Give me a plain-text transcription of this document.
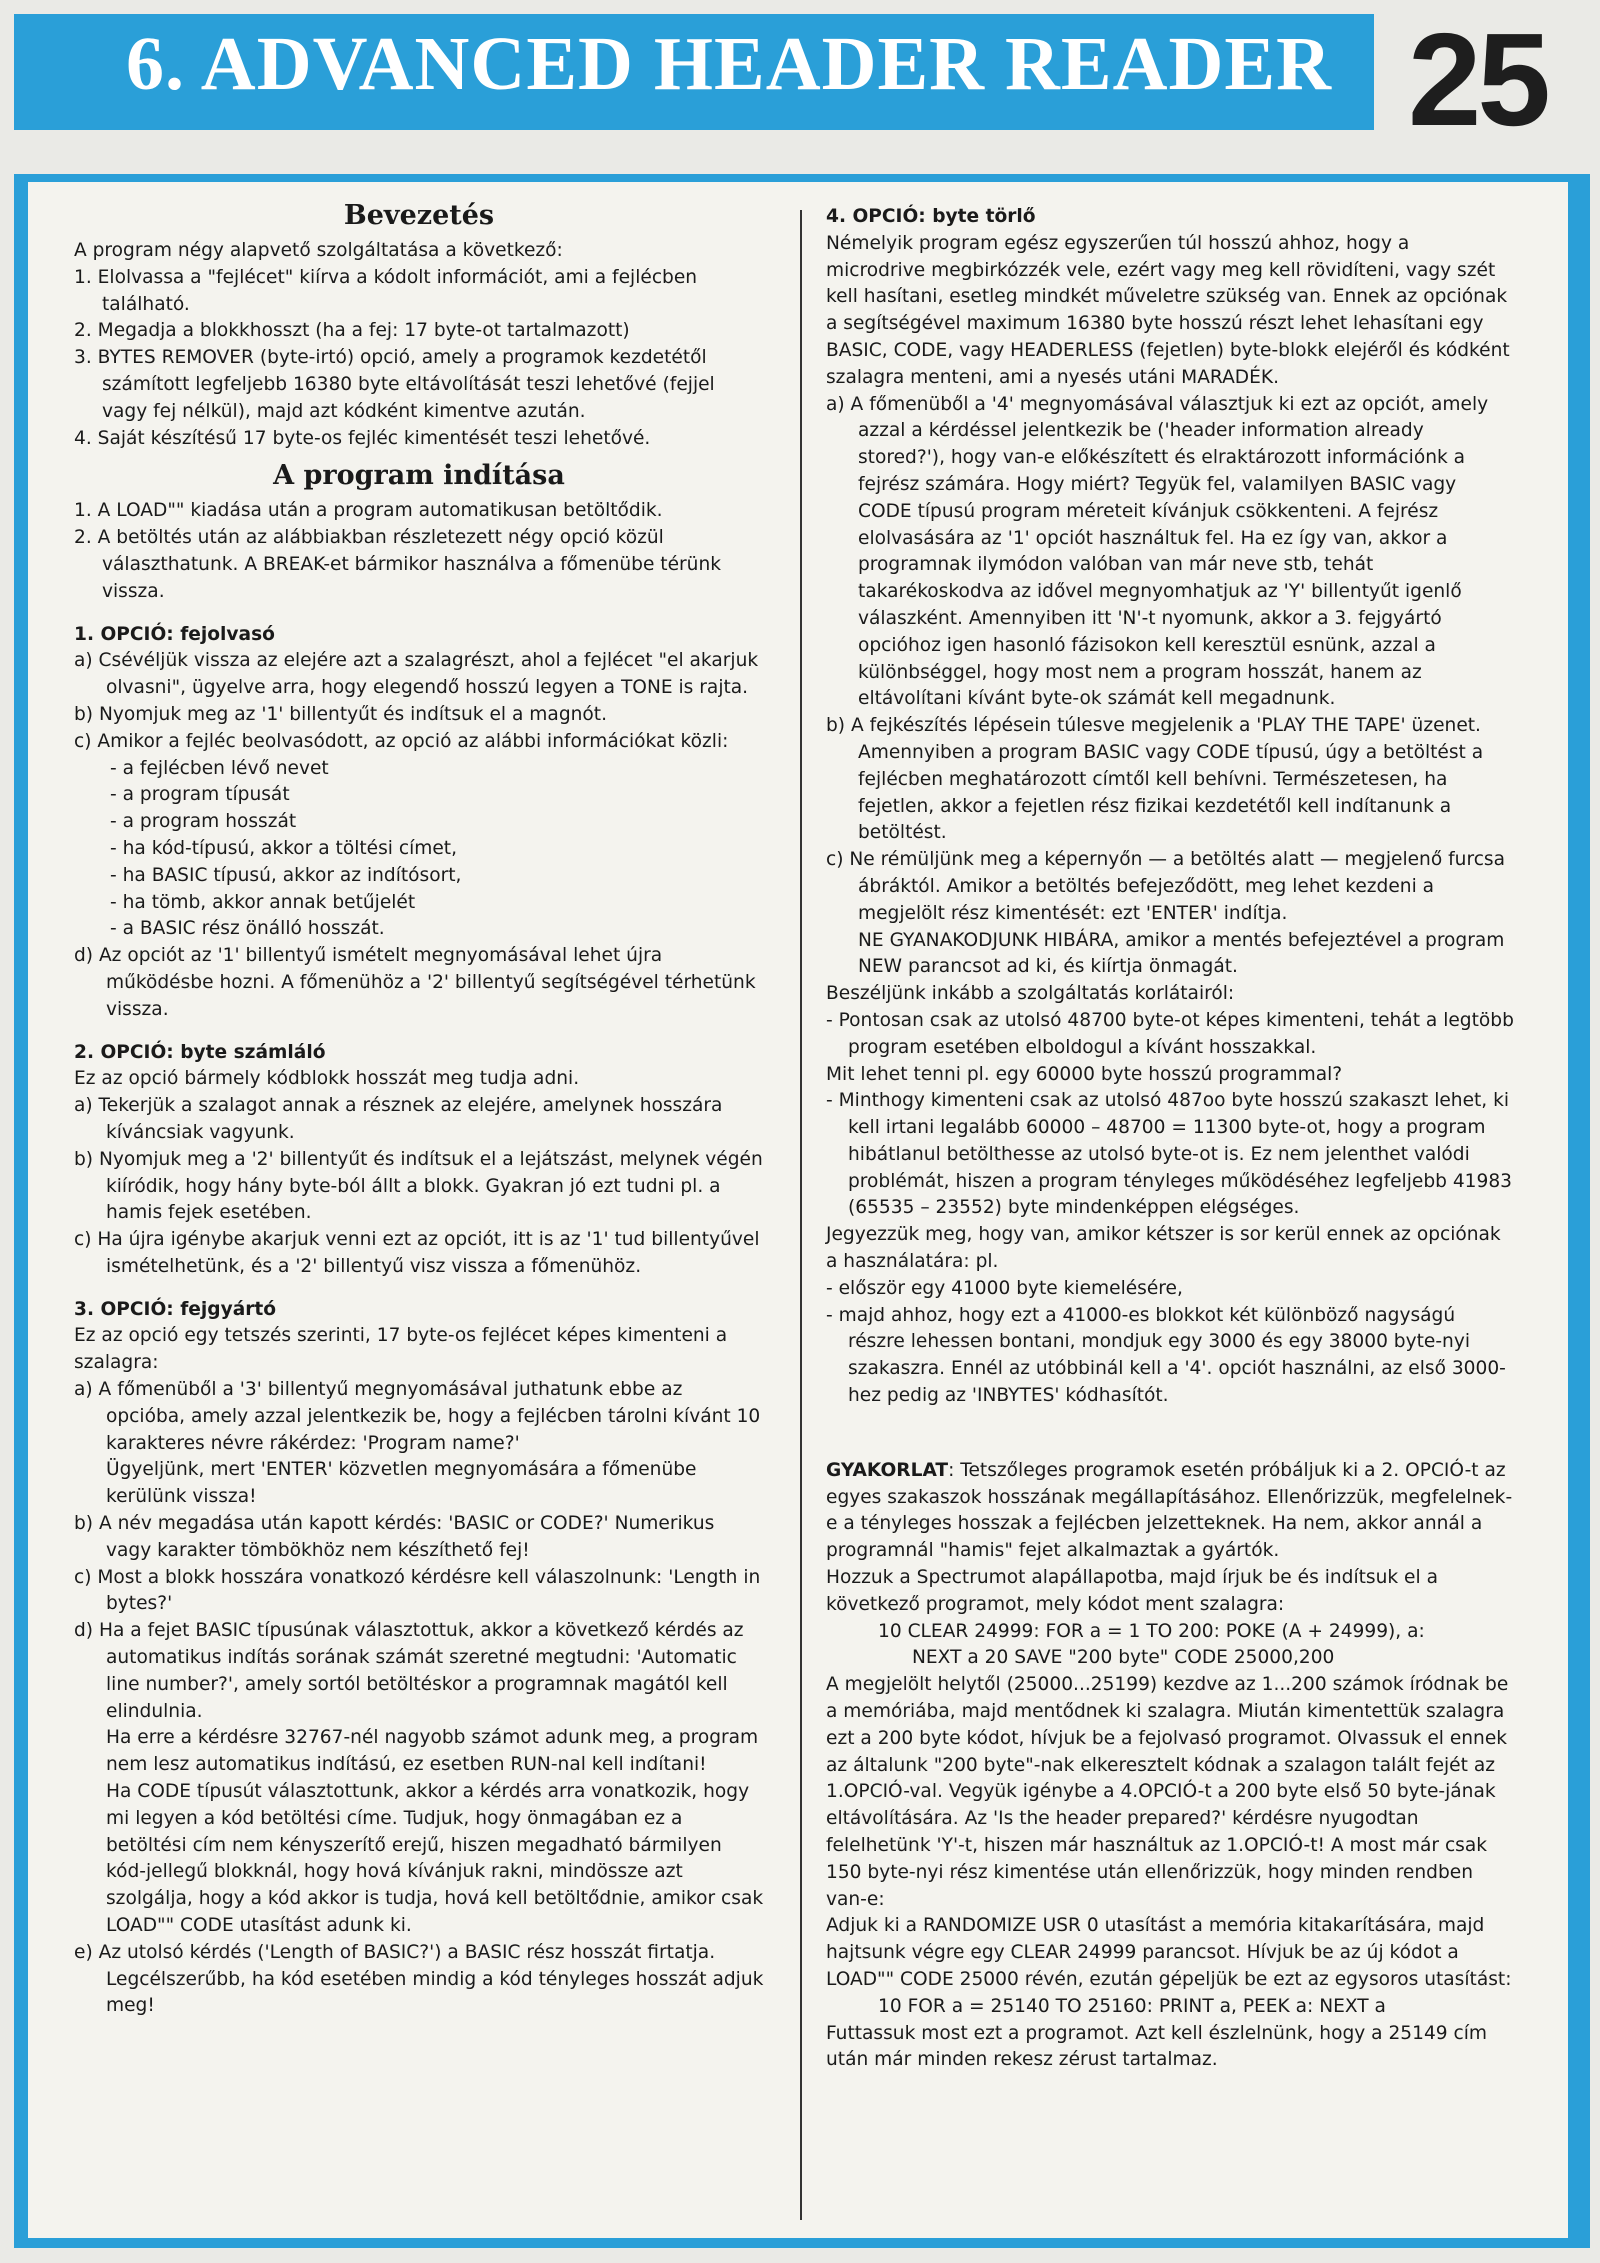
6. ADVANCED HEADER READER 25
Bevezetés

A program négy alapvető szolgáltatása a következő:

1. Elolvassa a "fejlécet" kiírva a kódolt információt, ami a fejlécben található.

2. Megadja a blokkhosszt (ha a fej: 17 byte-ot tartalmazott)

3. BYTES REMOVER (byte-irtó) opció, amely a programok kezdetétől számított legfeljebb 16380 byte eltávolítását teszi lehetővé (fejjel vagy fej nélkül), majd azt kódként kimentve azután.

4. Saját készítésű 17 byte-os fejléc kimentését teszi lehetővé.

A program indítása

1. A LOAD"" kiadása után a program automatikusan betöltődik.

2. A betöltés után az alábbiakban részletezett négy opció közül választhatunk. A BREAK-et bármikor használva a főmenübe térünk vissza.

1. OPCIÓ: fejolvasó

a) Csévéljük vissza az elejére azt a szalagrészt, ahol a fejlécet "el akarjuk olvasni", ügyelve arra, hogy elegendő hosszú legyen a TONE is rajta.

b) Nyomjuk meg az '1' billentyűt és indítsuk el a magnót.

c) Amikor a fejléc beolvasódott, az opció az alábbi információkat közli:

- a fejlécben lévő nevet

- a program típusát

- a program hosszát

- ha kód-típusú, akkor a töltési címet,

- ha BASIC típusú, akkor az indítósort,

- ha tömb, akkor annak betűjelét

- a BASIC rész önálló hosszát.

d) Az opciót az '1' billentyű ismételt megnyomásával lehet újra működésbe hozni. A főmenühöz a '2' billentyű segítségével térhetünk vissza.

2. OPCIÓ: byte számláló

Ez az opció bármely kódblokk hosszát meg tudja adni.

a) Tekerjük a szalagot annak a résznek az elejére, amelynek hosszára kíváncsiak vagyunk.

b) Nyomjuk meg a '2' billentyűt és indítsuk el a lejátszást, melynek végén kiíródik, hogy hány byte-ból állt a blokk. Gyakran jó ezt tudni pl. a hamis fejek esetében.

c) Ha újra igénybe akarjuk venni ezt az opciót, itt is az '1' tud billentyűvel ismételhetünk, és a '2' billentyű visz vissza a főmenühöz.

3. OPCIÓ: fejgyártó

Ez az opció egy tetszés szerinti, 17 byte-os fejlécet képes kimenteni a szalagra:

a) A főmenüből a '3' billentyű megnyomásával juthatunk ebbe az opcióba, amely azzal jelentkezik be, hogy a fejlécben tárolni kívánt 10 karakteres névre rákérdez: 'Program name?'

Ügyeljünk, mert 'ENTER' közvetlen megnyomására a főmenübe kerülünk vissza!

b) A név megadása után kapott kérdés: 'BASIC or CODE?' Numerikus vagy karakter tömbökhöz nem készíthető fej!

c) Most a blokk hosszára vonatkozó kérdésre kell válaszolnunk: 'Length in bytes?'

d) Ha a fejet BASIC típusúnak választottuk, akkor a következő kérdés az automatikus indítás sorának számát szeretné megtudni: 'Automatic line number?', amely sortól betöltéskor a programnak magától kell elindulnia.

Ha erre a kérdésre 32767-nél nagyobb számot adunk meg, a program nem lesz automatikus indítású, ez esetben RUN-nal kell indítani!

Ha CODE típusút választottunk, akkor a kérdés arra vonatkozik, hogy mi legyen a kód betöltési címe. Tudjuk, hogy önmagában ez a betöltési cím nem kényszerítő erejű, hiszen megadható bármilyen kód-jellegű blokknál, hogy hová kívánjuk rakni, mindössze azt szolgálja, hogy a kód akkor is tudja, hová kell betöltődnie, amikor csak LOAD"" CODE utasítást adunk ki.

e) Az utolsó kérdés ('Length of BASIC?') a BASIC rész hosszát firtatja. Legcélszerűbb, ha kód esetében mindig a kód tényleges hosszát adjuk meg!

4. OPCIÓ: byte törlő

Némelyik program egész egyszerűen túl hosszú ahhoz, hogy a microdrive megbirkózzék vele, ezért vagy meg kell rövidíteni, vagy szét kell hasítani, esetleg mindkét műveletre szükség van. Ennek az opciónak a segítségével maximum 16380 byte hosszú részt lehet lehasítani egy BASIC, CODE, vagy HEADERLESS (fejetlen) byte-blokk elejéről és kódként szalagra menteni, ami a nyesés utáni MARADÉK.

a) A főmenüből a '4' megnyomásával választjuk ki ezt az opciót, amely azzal a kérdéssel jelentkezik be ('header information already stored?'), hogy van-e előkészített és elraktározott információnk a fejrész számára. Hogy miért? Tegyük fel, valamilyen BASIC vagy CODE típusú program méreteit kívánjuk csökkenteni. A fejrész elolvasására az '1' opciót használtuk fel. Ha ez így van, akkor a programnak ilymódon valóban van már neve stb, tehát takarékoskodva az idővel megnyomhatjuk az 'Y' billentyűt igenlő válaszként. Amennyiben itt 'N'-t nyomunk, akkor a 3. fejgyártó opcióhoz igen hasonló fázisokon kell keresztül esnünk, azzal a különbséggel, hogy most nem a program hosszát, hanem az eltávolítani kívánt byte-ok számát kell megadnunk.

b) A fejkészítés lépésein túlesve megjelenik a 'PLAY THE TAPE' üzenet. Amennyiben a program BASIC vagy CODE típusú, úgy a betöltést a fejlécben meghatározott címtől kell behívni. Természetesen, ha fejetlen, akkor a fejetlen rész fizikai kezdetétől kell indítanunk a betöltést.

c) Ne rémüljünk meg a képernyőn — a betöltés alatt — megjelenő furcsa ábráktól. Amikor a betöltés befejeződött, meg lehet kezdeni a megjelölt rész kimentését: ezt 'ENTER' indítja.

NE GYANAKODJUNK HIBÁRA, amikor a mentés befejeztével a program NEW parancsot ad ki, és kiírtja önmagát.

Beszéljünk inkább a szolgáltatás korlátairól:

- Pontosan csak az utolsó 48700 byte-ot képes kimenteni, tehát a legtöbb program esetében elboldogul a kívánt hosszakkal.

Mit lehet tenni pl. egy 60000 byte hosszú programmal?

- Minthogy kimenteni csak az utolsó 487oo byte hosszú szakaszt lehet, ki kell irtani legalább 60000 – 48700 = 11300 byte-ot, hogy a program hibátlanul betölthesse az utolsó byte-ot is. Ez nem jelenthet valódi problémát, hiszen a program tényleges működéséhez legfeljebb 41983 (65535 – 23552) byte mindenképpen elégséges.

Jegyezzük meg, hogy van, amikor kétszer is sor kerül ennek az opciónak a használatára: pl.

- először egy 41000 byte kiemelésére,

- majd ahhoz, hogy ezt a 41000-es blokkot két különböző nagyságú részre lehessen bontani, mondjuk egy 3000 és egy 38000 byte-nyi szakaszra. Ennél az utóbbinál kell a '4'. opciót használni, az első 3000-hez pedig az 'INBYTES' kódhasítót.

GYAKORLAT: Tetszőleges programok esetén próbáljuk ki a 2. OPCIÓ-t az egyes szakaszok hosszának megállapításához. Ellenőrizzük, megfelelnek-e a tényleges hosszak a fejlécben jelzetteknek. Ha nem, akkor annál a programnál "hamis" fejet alkalmaztak a gyártók.

Hozzuk a Spectrumot alapállapotba, majd írjuk be és indítsuk el a következő programot, mely kódot ment szalagra:

10 CLEAR 24999: FOR a = 1 TO 200: POKE (A + 24999), a:

NEXT a 20 SAVE "200 byte" CODE 25000,200

A megjelölt helytől (25000...25199) kezdve az 1...200 számok íródnak be a memóriába, majd mentődnek ki szalagra. Miután kimentettük szalagra ezt a 200 byte kódot, hívjuk be a fejolvasó programot. Olvassuk el ennek az általunk "200 byte"-nak elkeresztelt kódnak a szalagon talált fejét az 1.OPCIÓ-val. Vegyük igénybe a 4.OPCIÓ-t a 200 byte első 50 byte-jának eltávolítására. Az 'Is the header prepared?' kérdésre nyugodtan felelhetünk 'Y'-t, hiszen már használtuk az 1.OPCIÓ-t! A most már csak 150 byte-nyi rész kimentése után ellenőrizzük, hogy minden rendben van-e:

Adjuk ki a RANDOMIZE USR 0 utasítást a memória kitakarítására, majd hajtsunk végre egy CLEAR 24999 parancsot. Hívjuk be az új kódot a LOAD"" CODE 25000 révén, ezután gépeljük be ezt az egysoros utasítást:

10 FOR a = 25140 TO 25160: PRINT a, PEEK a: NEXT a

Futtassuk most ezt a programot. Azt kell észlelnünk, hogy a 25149 cím után már minden rekesz zérust tartalmaz.
